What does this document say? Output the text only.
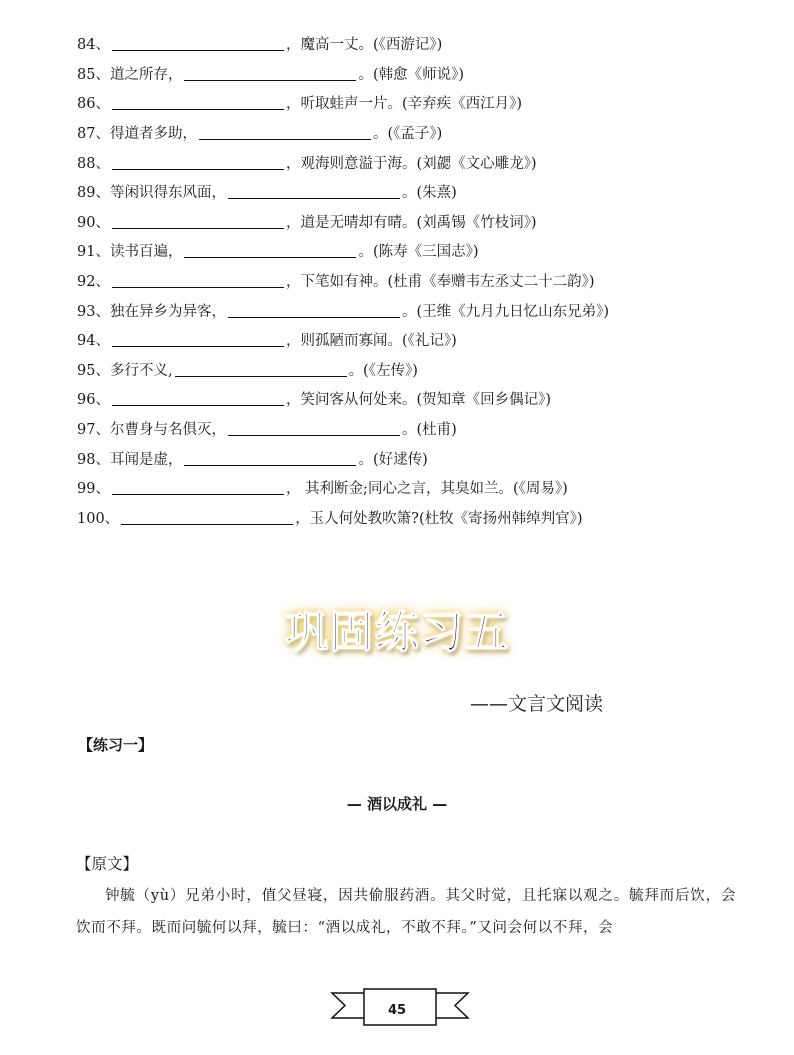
84、	，魔高一丈。(《西游记》)
85、 道之所存，	。(韩愈《师说》)
86、	，听取蛙声一片。(辛弃疾《西江月》)
87、 得道者多助，	。(《孟子》)
88、	，观海则意溢于海。(刘勰《文心雕龙》)
89、 等闲识得东风面，	。(朱熹)
90、	，道是无晴却有晴。(刘禹锡《竹枝词》)
91、 读书百遍，	。(陈寿《三国志》)
92、	，下笔如有神。(杜甫《奉赠韦左丞丈二十二韵》)
93、 独在异乡为异客，	。(王维《九月九日忆山东兄弟》)
94、	，则孤陋而寡闻。(《礼记》)
95、 多行不义,	。(《左传》)
96、	，笑问客从何处来。(贺知章《回乡偶记》)
97、 尔曹身与名俱灭，	。(杜甫)
98、 耳闻是虚，	。(好逑传)
99、	， 其利断金;同心之言，其臭如兰。(《周易》)
100、	，玉人何处教吹箫?(杜牧《寄扬州韩绰判官》)
巩固练习五
——文言文阅读
【练习一】
— 酒以成礼 —
【原文】
钟毓（yù）兄弟小时，值父昼寝，因共偷服药酒。其父时觉，且托寐以观之。毓拜而后饮，会饮而不拜。既而问毓何以拜，毓曰：“酒以成礼，不敢不拜。”又问会何以不拜，会
45
